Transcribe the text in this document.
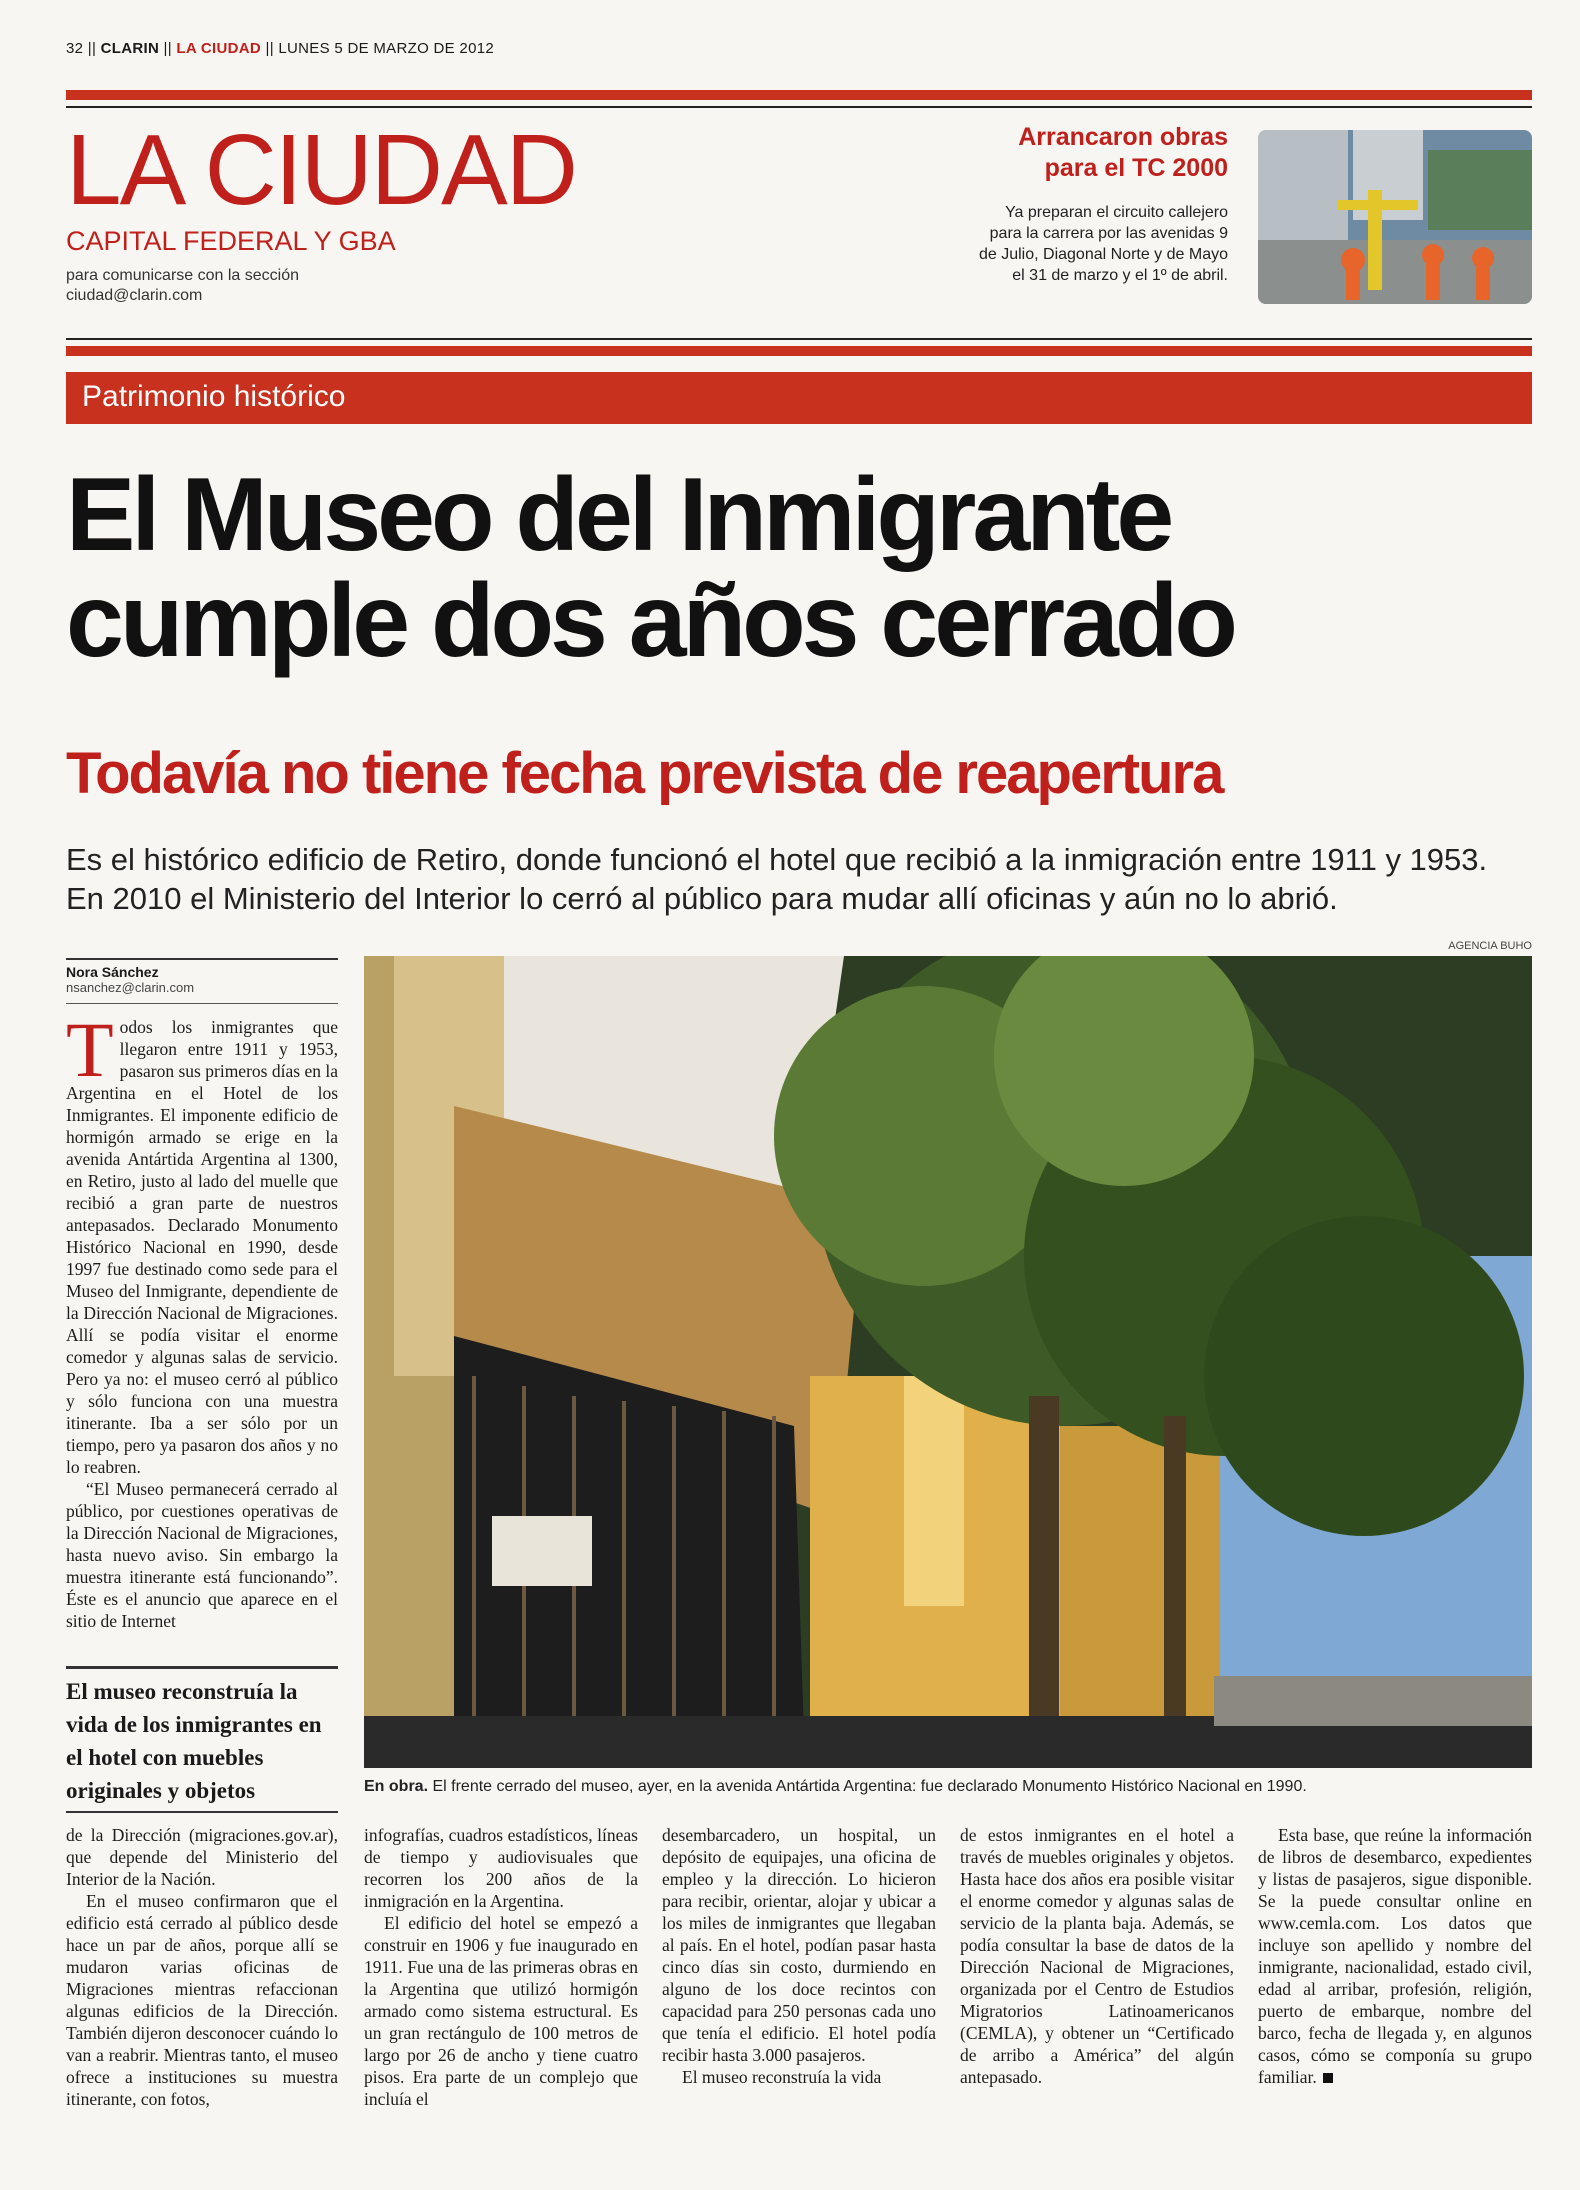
32 || CLARIN || LA CIUDAD || LUNES 5 DE MARZO DE 2012
LA CIUDAD
CAPITAL FEDERAL Y GBA
para comunicarse con la sección
ciudad@clarin.com
Arrancaron obras
para el TC 2000
Ya preparan el circuito callejero
para la carrera por las avenidas 9
de Julio, Diagonal Norte y de Mayo
el 31 de marzo y el 1º de abril.
Patrimonio histórico
El Museo del Inmigrante
cumple dos años cerrado
Todavía no tiene fecha prevista de reapertura
Es el histórico edificio de Retiro, donde funcionó el hotel que recibió a la inmigración entre 1911 y 1953. En 2010 el Ministerio del Interior lo cerró al público para mudar allí oficinas y aún no lo abrió.
AGENCIA BUHO
Nora Sánchez
nsanchez@clarin.com
T odos los inmigrantes que llegaron entre 1911 y 1953, pasaron sus primeros días en la Argentina en el Hotel de los Inmigrantes. El imponente edificio de hormigón armado se erige en la avenida Antártida Argentina al 1300, en Retiro, justo al lado del muelle que recibió a gran parte de nuestros antepasados. Declarado Monumento Histórico Nacional en 1990, desde 1997 fue destinado como sede para el Museo del Inmigrante, dependiente de la Dirección Nacional de Migraciones. Allí se podía visitar el enorme comedor y algunas salas de servicio. Pero ya no: el museo cerró al público y sólo funciona con una muestra itinerante. Iba a ser sólo por un tiempo, pero ya pasaron dos años y no lo reabren.

“El Museo permanecerá cerrado al público, por cuestiones operativas de la Dirección Nacional de Migraciones, hasta nuevo aviso. Sin embargo la muestra itinerante está funcionando”. Éste es el anuncio que aparece en el sitio de Internet

El museo reconstruía la vida de los inmigrantes en el hotel con muebles originales y objetos	En obra. El frente cerrado del museo, ayer, en la avenida Antártida Argentina: fue declarado Monumento Histórico Nacional en 1990.

de la Dirección (migraciones.gov.ar), que depende del Ministerio del Interior de la Nación.

En el museo confirmaron que el edificio está cerrado al público desde hace un par de años, porque allí se mudaron varias oficinas de Migraciones mientras refaccionan algunas edificios de la Dirección. También dijeron desconocer cuándo lo van a reabrir. Mientras tanto, el museo ofrece a instituciones su muestra itinerante, con fotos,

infografías, cuadros estadísticos, líneas de tiempo y audiovisuales que recorren los 200 años de la inmigración en la Argentina.

El edificio del hotel se empezó a construir en 1906 y fue inaugurado en 1911. Fue una de las primeras obras en la Argentina que utilizó hormigón armado como sistema estructural. Es un gran rectángulo de 100 metros de largo por 26 de ancho y tiene cuatro pisos. Era parte de un complejo que incluía el

desembarcadero, un hospital, un depósito de equipajes, una oficina de empleo y la dirección. Lo hicieron para recibir, orientar, alojar y ubicar a los miles de inmigrantes que llegaban al país. En el hotel, podían pasar hasta cinco días sin costo, durmiendo en alguno de los doce recintos con capacidad para 250 personas cada uno que tenía el edificio. El hotel podía recibir hasta 3.000 pasajeros.

El museo reconstruía la vida

de estos inmigrantes en el hotel a través de muebles originales y objetos. Hasta hace dos años era posible visitar el enorme comedor y algunas salas de servicio de la planta baja. Además, se podía consultar la base de datos de la Dirección Nacional de Migraciones, organizada por el Centro de Estudios Migratorios Latinoamericanos (CEMLA), y obtener un “Certificado de arribo a América” del algún antepasado.

Esta base, que reúne la información de libros de desembarco, expedientes y listas de pasajeros, sigue disponible. Se la puede consultar online en www.cemla.com. Los datos que incluye son apellido y nombre del inmigrante, nacionalidad, estado civil, edad al arribar, profesión, religión, puerto de embarque, nombre del barco, fecha de llegada y, en algunos casos, cómo se componía su grupo familiar.
